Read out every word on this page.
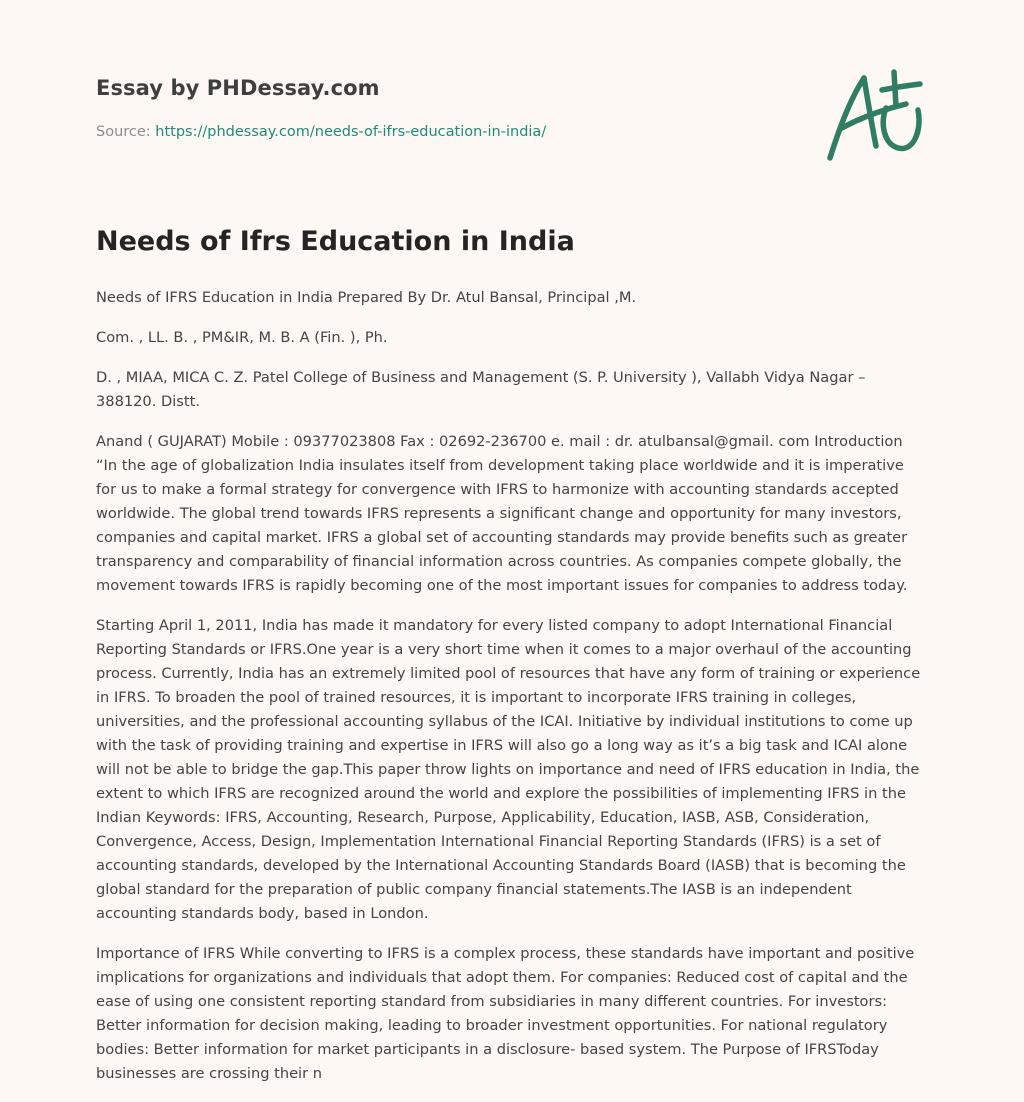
Essay by PHDessay.com
Source: https://phdessay.com/needs-of-ifrs-education-in-india/
Needs of Ifrs Education in India

Needs of IFRS Education in India Prepared By Dr. Atul Bansal, Principal ,M.

Com. , LL. B. , PM&IR, M. B. A (Fin. ), Ph.

D. , MIAA, MICA C. Z. Patel College of Business and Management (S. P. University ), Vallabh Vidya Nagar – 388120. Distt.

Anand ( GUJARAT) Mobile : 09377023808 Fax : 02692-236700 e. mail : dr. atulbansal@gmail. com Introduction “In the age of globalization India insulates itself from development taking place worldwide and it is imperative for us to make a formal strategy for convergence with IFRS to harmonize with accounting standards accepted worldwide. The global trend towards IFRS represents a significant change and opportunity for many investors, companies and capital market. IFRS a global set of accounting standards may provide benefits such as greater transparency and comparability of financial information across countries. As companies compete globally, the movement towards IFRS is rapidly becoming one of the most important issues for companies to address today.

Starting April 1, 2011, India has made it mandatory for every listed company to adopt International Financial Reporting Standards or IFRS.One year is a very short time when it comes to a major overhaul of the accounting process. Currently, India has an extremely limited pool of resources that have any form of training or experience in IFRS. To broaden the pool of trained resources, it is important to incorporate IFRS training in colleges, universities, and the professional accounting syllabus of the ICAI. Initiative by individual institutions to come up with the task of providing training and expertise in IFRS will also go a long way as it’s a big task and ICAI alone will not be able to bridge the gap.This paper throw lights on importance and need of IFRS education in India, the extent to which IFRS are recognized around the world and explore the possibilities of implementing IFRS in the Indian Keywords: IFRS, Accounting, Research, Purpose, Applicability, Education, IASB, ASB, Consideration, Convergence, Access, Design, Implementation International Financial Reporting Standards (IFRS) is a set of accounting standards, developed by the International Accounting Standards Board (IASB) that is becoming the global standard for the preparation of public company financial statements.The IASB is an independent accounting standards body, based in London.

Importance of IFRS While converting to IFRS is a complex process, these standards have important and positive implications for organizations and individuals that adopt them. For companies: Reduced cost of capital and the ease of using one consistent reporting standard from subsidiaries in many different countries. For investors: Better information for decision making, leading to broader investment opportunities. For national regulatory bodies: Better information for market participants in a disclosure- based system. The Purpose of IFRSToday businesses are crossing their n
